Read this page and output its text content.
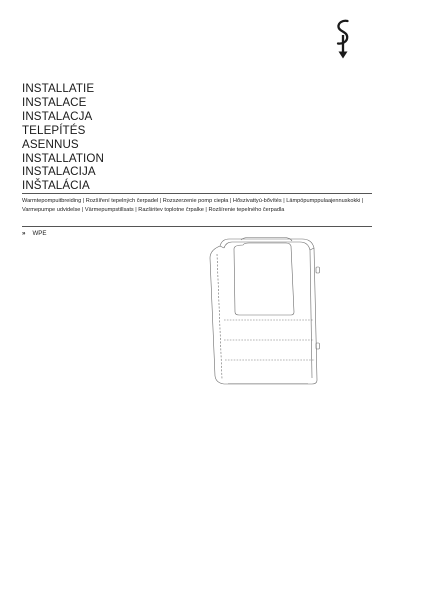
INSTALLATIE
INSTALACE
INSTALACJA
TELEPÍTÉS
ASENNUS
INSTALLATION
INSTALACIJA
INŠTALÁCIA
Warmtepompuitbreiding | Rozšíření tepelných čerpadel | Rozszerzenie pomp ciepła | Hőszivattyú-bővítés | Lämpöpumppulaajennuskokki | Varmepumpe udvidelse | Värmepumpstillsats | Razširitev toplotne črpalke | Rozšírenie tepelného čerpadla
» WPE
